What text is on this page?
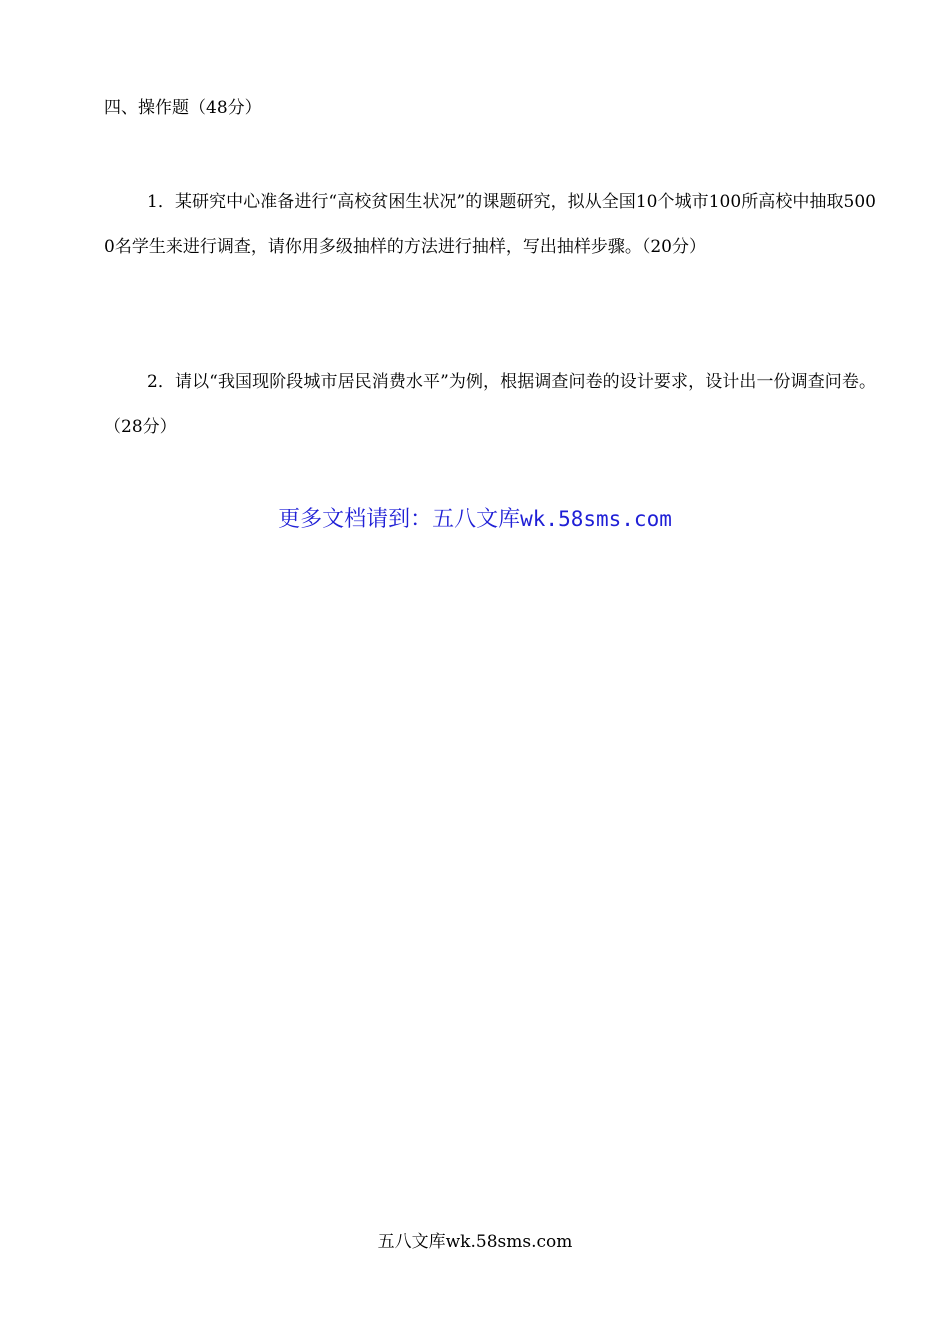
四、操作题（48分）
1．某研究中心准备进行“高校贫困生状况”的课题研究，拟从全国10个城市100所高校中抽取5000名学生来进行调查，请你用多级抽样的方法进行抽样，写出抽样步骤。（20分）
2．请以“我国现阶段城市居民消费水平”为例，根据调查问卷的设计要求，设计出一份调查问卷。（28分）
更多文档请到：五八文库wk.58sms.com
五八文库wk.58sms.com
